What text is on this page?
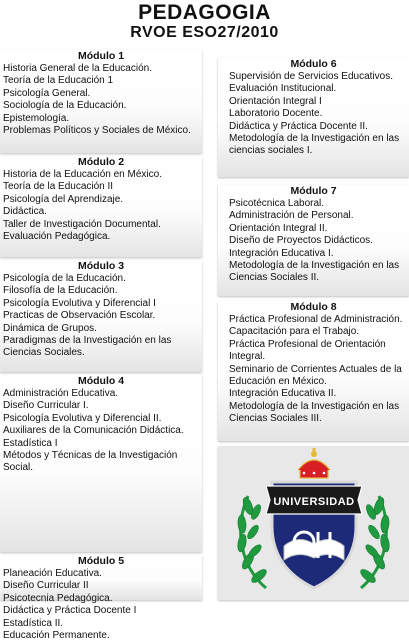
PEDAGOGIA
RVOE ESO27/2010
Módulo 1
Historia General de la Educación.
Teoría de la Educación 1
Psicología General.
Sociología de la Educación.
Epistemología.
Problemas Políticos y Sociales de México.
Módulo 2
Historia de la Educación en México.
Teoría de la Educación II
Psicología del Aprendizaje.
Didáctica.
Taller de Investigación Documental.
Evaluación Pedagógica.
Módulo 3
Psicología de la Educación.
Filosofía de la Educación.
Psicología Evolutiva y Diferencial I
Practicas de Observación Escolar.
Dinámica de Grupos.
Paradigmas de la Investigación en las Ciencias Sociales.
Módulo 4
Administración Educativa.
Diseño Curricular I.
Psicología Evolutiva y Diferencial II.
Auxiliares de la Comunicación Didáctica.
Estadística I
Métodos y Técnicas de la Investigación Social.
Módulo 5
Planeación Educativa.
Diseño Curricular II
Psicotecnia Pedagógica.
Didáctica y Práctica Docente I
Estadística II.
Educación Permanente.
Módulo 6
Supervisión de Servicios Educativos.
Evaluación Institucional.
Orientación Integral I
Laboratorio Docente.
Didáctica y Práctica Docente II.
Metodología de la Investigación en las ciencias sociales I.
Módulo 7
Psicotécnica Laboral.
Administración de Personal.
Orientación Integral II.
Diseño de Proyectos Didácticos.
Integración Educativa I.
Metodología de la Investigación en las Ciencias Sociales II.
Módulo 8
Práctica Profesional de Administración.
Capacitación para el Trabajo.
Práctica Profesional de Orientación Integral.
Seminario de Corrientes Actuales de la Educación en México.
Integración Educativa II.
Metodología de la Investigación en las Ciencias Sociales III.
UNIVERSIDAD
